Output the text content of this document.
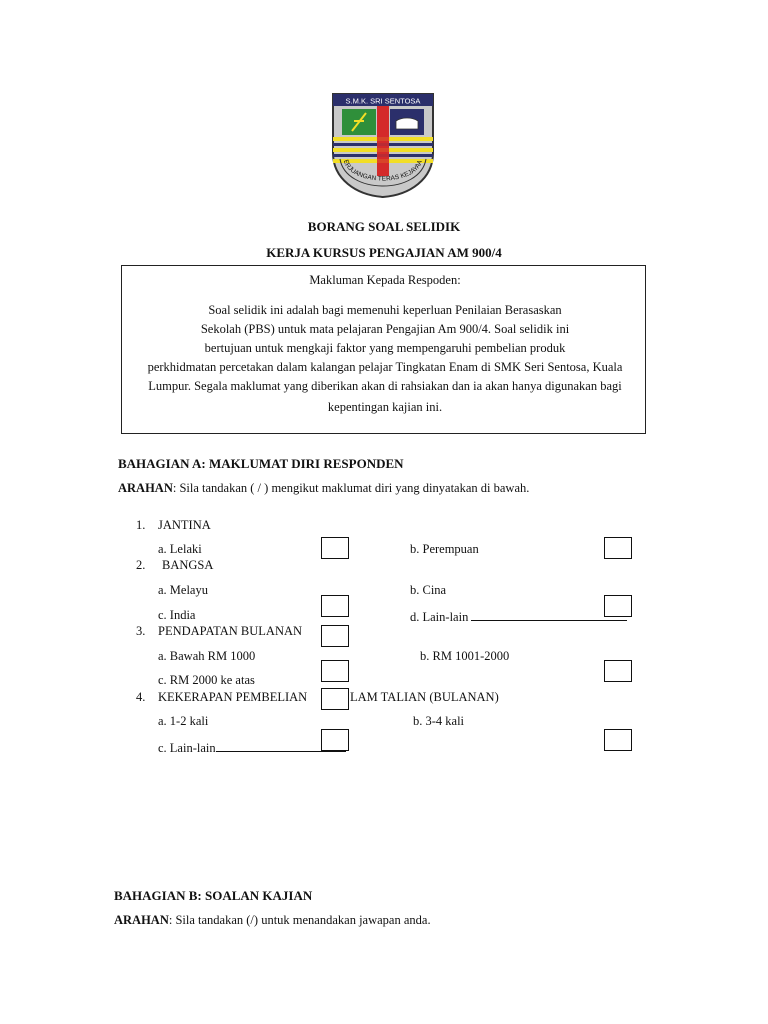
S.M.K. SRI SENTOSA
ERJUANGAN TERAS KEJAYAA
BORANG SOAL SELIDIK
KERJA KURSUS PENGAJIAN AM 900/4
Makluman Kepada Respoden:
Soal selidik ini adalah bagi memenuhi keperluan Penilaian Berasaskan
Sekolah (PBS) untuk mata pelajaran Pengajian Am 900/4. Soal selidik ini
bertujuan untuk mengkaji faktor yang mempengaruhi pembelian produk
perkhidmatan percetakan dalam kalangan pelajar Tingkatan Enam di SMK Seri Sentosa, Kuala
Lumpur. Segala maklumat yang diberikan akan di rahsiakan dan ia akan hanya digunakan bagi
kepentingan kajian ini.
BAHAGIAN A: MAKLUMAT DIRI RESPONDEN
ARAHAN: Sila tandakan ( / ) mengikut maklumat diri yang dinyatakan di bawah.
1. JANTINA
a. Lelaki	b. Perempuan
2. BANGSA
a. Melayu	b. Cina
c. India	d. Lain-lain
3. PENDAPATAN BULANAN
a. Bawah RM 1000	b. RM 1001-2000
c. RM 2000 ke atas
4. KEKERAPAN PEMBELIAN	LAM TALIAN (BULANAN)
a. 1-2 kali	b. 3-4 kali
c. Lain-lain
BAHAGIAN B: SOALAN KAJIAN
ARAHAN: Sila tandakan (/) untuk menandakan jawapan anda.
